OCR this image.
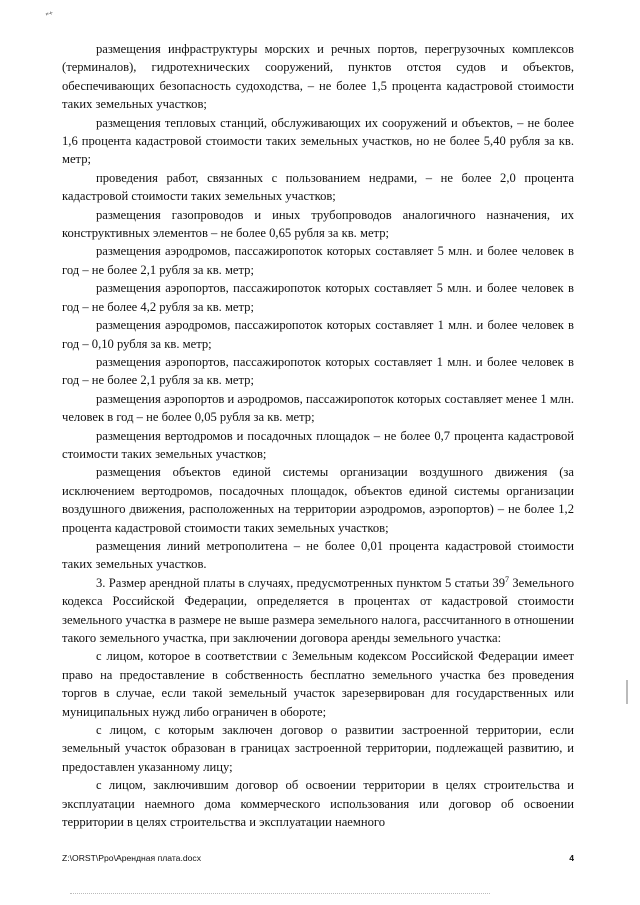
ʺ⁺

размещения инфраструктуры морских и речных портов, перегрузочных комплексов (терминалов), гидротехнических сооружений, пунктов отстоя судов и объектов, обеспечивающих безопасность судоходства, – не более 1,5 процента кадастровой стоимости таких земельных участков;

размещения тепловых станций, обслуживающих их сооружений и объектов, – не более 1,6 процента кадастровой стоимости таких земельных участков, но не более 5,40 рубля за кв. метр;

проведения работ, связанных с пользованием недрами, – не более 2,0 процента кадастровой стоимости таких земельных участков;

размещения газопроводов и иных трубопроводов аналогичного назначения, их конструктивных элементов – не более 0,65 рубля за кв. метр;

размещения аэродромов, пассажиропоток которых составляет 5 млн. и более человек в год – не более 2,1 рубля за кв. метр;

размещения аэропортов, пассажиропоток которых составляет 5 млн. и более человек в год – не более 4,2 рубля за кв. метр;

размещения аэродромов, пассажиропоток которых составляет 1 млн. и более человек в год – 0,10 рубля за кв. метр;

размещения аэропортов, пассажиропоток которых составляет 1 млн. и более человек в год – не более 2,1 рубля за кв. метр;

размещения аэропортов и аэродромов, пассажиропоток которых составляет менее 1 млн. человек в год – не более 0,05 рубля за кв. метр;

размещения вертодромов и посадочных площадок – не более 0,7 процента кадастровой стоимости таких земельных участков;

размещения объектов единой системы организации воздушного движения (за исключением вертодромов, посадочных площадок, объектов единой системы организации воздушного движения, расположенных на территории аэродромов, аэропортов) – не более 1,2 процента кадастровой стоимости таких земельных участков;

размещения линий метрополитена – не более 0,01 процента кадастровой стоимости таких земельных участков.

3. Размер арендной платы в случаях, предусмотренных пунктом 5 статьи $39^7$ Земельного кодекса Российской Федерации, определяется в процентах от кадастровой стоимости земельного участка в размере не выше размера земельного налога, рассчитанного в отношении такого земельного участка, при заключении договора аренды земельного участка:

с лицом, которое в соответствии с Земельным кодексом Российской Федерации имеет право на предоставление в собственность бесплатно земельного участка без проведения торгов в случае, если такой земельный участок зарезервирован для государственных или муниципальных нужд либо ограничен в обороте;

с лицом, с которым заключен договор о развитии застроенной территории, если земельный участок образован в границах застроенной территории, подлежащей развитию, и предоставлен указанному лицу;

с лицом, заключившим договор об освоении территории в целях строительства и эксплуатации наемного дома коммерческого использования или договор об освоении территории в целях строительства и эксплуатации наемного

Z:\ORST\Рро\Арендная плата.docx	4
